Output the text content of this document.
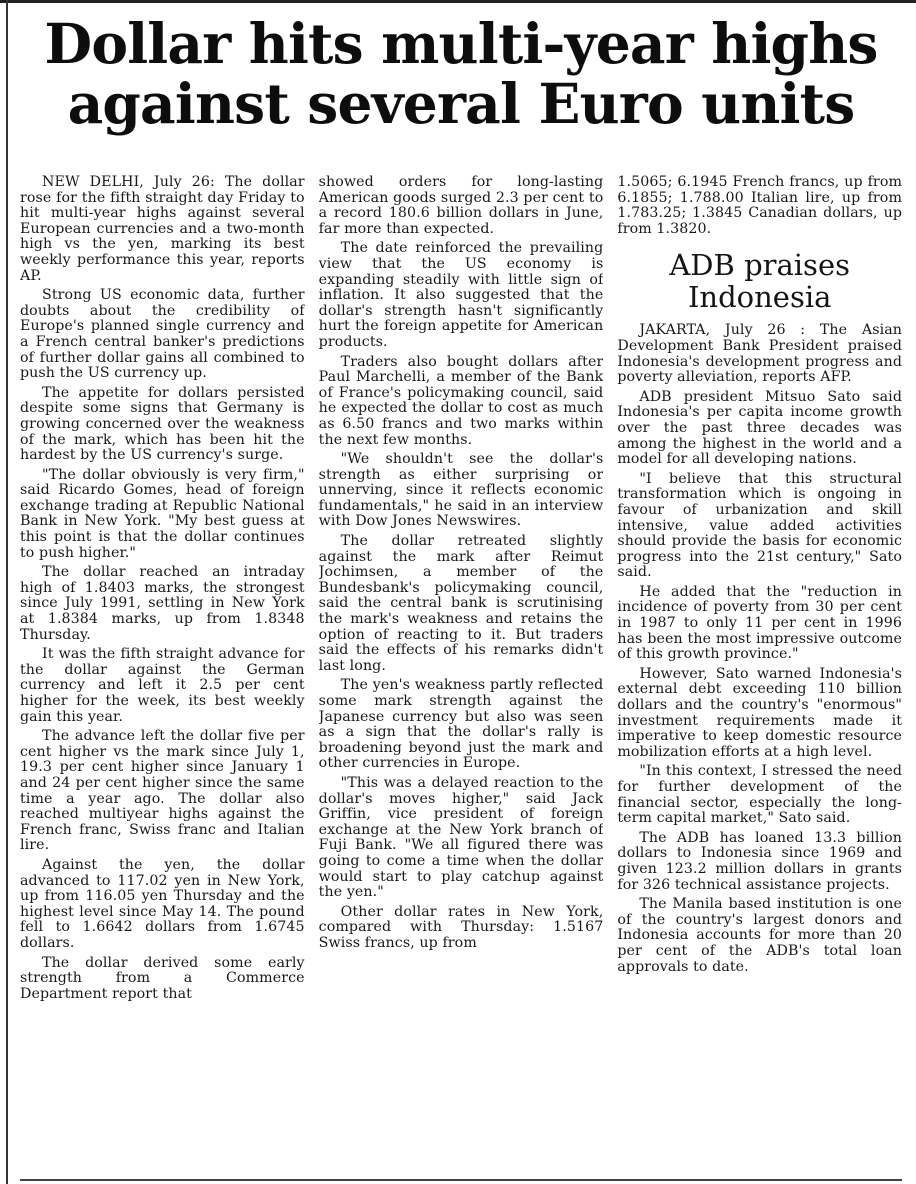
Dollar hits multi-year highs
against several Euro units

NEW DELHI, July 26: The dollar rose for the fifth straight day Friday to hit multi-year highs against several European currencies and a two-month high vs the yen, marking its best weekly performance this year, reports AP.

Strong US economic data, further doubts about the credibility of Europe's planned single currency and a French central banker's predictions of further dollar gains all combined to push the US currency up.

The appetite for dollars persisted despite some signs that Germany is growing concerned over the weakness of the mark, which has been hit the hardest by the US currency's surge.

"The dollar obviously is very firm," said Ricardo Gomes, head of foreign exchange trading at Republic National Bank in New York. "My best guess at this point is that the dollar continues to push higher."

The dollar reached an intraday high of 1.8403 marks, the strongest since July 1991, settling in New York at 1.8384 marks, up from 1.8348 Thursday.

It was the fifth straight advance for the dollar against the German currency and left it 2.5 per cent higher for the week, its best weekly gain this year.

The advance left the dollar five per cent higher vs the mark since July 1, 19.3 per cent higher since January 1 and 24 per cent higher since the same time a year ago. The dollar also reached multiyear highs against the French franc, Swiss franc and Italian lire.

Against the yen, the dollar advanced to 117.02 yen in New York, up from 116.05 yen Thursday and the highest level since May 14. The pound fell to 1.6642 dollars from 1.6745 dollars.

The dollar derived some early strength from a Commerce Department report that

showed orders for long-lasting American goods surged 2.3 per cent to a record 180.6 billion dollars in June, far more than expected.

The date reinforced the prevailing view that the US economy is expanding steadily with little sign of inflation. It also suggested that the dollar's strength hasn't significantly hurt the foreign appetite for American products.

Traders also bought dollars after Paul Marchelli, a member of the Bank of France's policymaking council, said he expected the dollar to cost as much as 6.50 francs and two marks within the next few months.

"We shouldn't see the dollar's strength as either surprising or unnerving, since it reflects economic fundamentals," he said in an interview with Dow Jones Newswires.

The dollar retreated slightly against the mark after Reimut Jochimsen, a member of the Bundesbank's policymaking council, said the central bank is scrutinising the mark's weakness and retains the option of reacting to it. But traders said the effects of his remarks didn't last long.

The yen's weakness partly reflected some mark strength against the Japanese currency but also was seen as a sign that the dollar's rally is broadening beyond just the mark and other currencies in Europe.

"This was a delayed reaction to the dollar's moves higher," said Jack Griffin, vice president of foreign exchange at the New York branch of Fuji Bank. "We all figured there was going to come a time when the dollar would start to play catchup against the yen."

Other dollar rates in New York, compared with Thursday: 1.5167 Swiss francs, up from

1.5065; 6.1945 French francs, up from 6.1855; 1.788.00 Italian lire, up from 1.783.25; 1.3845 Canadian dollars, up from 1.3820.

ADB praises
Indonesia

JAKARTA, July 26 : The Asian Development Bank President praised Indonesia's development progress and poverty alleviation, reports AFP.

ADB president Mitsuo Sato said Indonesia's per capita income growth over the past three decades was among the highest in the world and a model for all developing nations.

"I believe that this structural transformation which is ongoing in favour of urbanization and skill intensive, value added activities should provide the basis for economic progress into the 21st century," Sato said.

He added that the "reduction in incidence of poverty from 30 per cent in 1987 to only 11 per cent in 1996 has been the most impressive outcome of this growth province."

However, Sato warned Indonesia's external debt exceeding 110 billion dollars and the country's "enormous" investment requirements made it imperative to keep domestic resource mobilization efforts at a high level.

"In this context, I stressed the need for further development of the financial sector, especially the long-term capital market," Sato said.

The ADB has loaned 13.3 billion dollars to Indonesia since 1969 and given 123.2 million dollars in grants for 326 technical assistance projects.

The Manila based institution is one of the country's largest donors and Indonesia accounts for more than 20 per cent of the ADB's total loan approvals to date.
